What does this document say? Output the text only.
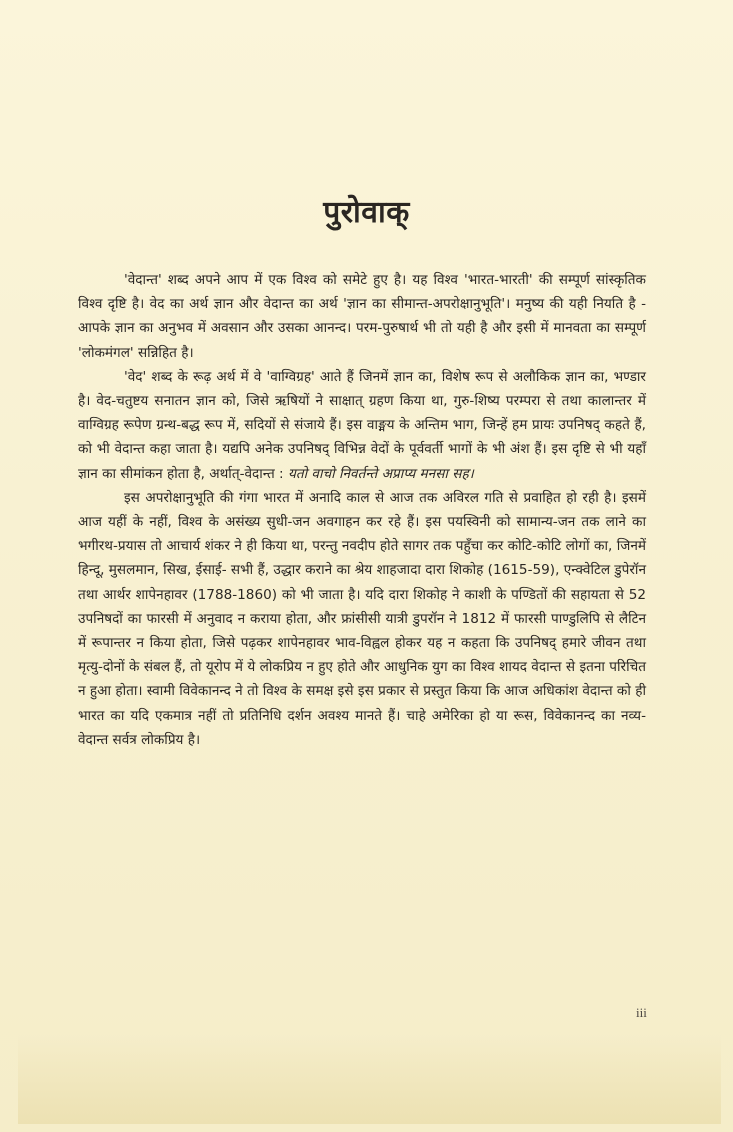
पुरोवाक्

'वेदान्त' शब्द अपने आप में एक विश्व को समेटे हुए है। यह विश्व 'भारत-भारती' की सम्पूर्ण सांस्कृतिक विश्व दृष्टि है। वेद का अर्थ ज्ञान और वेदान्त का अर्थ 'ज्ञान का सीमान्त-अपरोक्षानुभूति'। मनुष्य की यही नियति है - आपके ज्ञान का अनुभव में अवसान और उसका आनन्द। परम-पुरुषार्थ भी तो यही है और इसी में मानवता का सम्पूर्ण 'लोकमंगल' सन्निहित है।

'वेद' शब्द के रूढ़ अर्थ में वे 'वाग्विग्रह' आते हैं जिनमें ज्ञान का, विशेष रूप से अलौकिक ज्ञान का, भण्डार है। वेद-चतुष्टय सनातन ज्ञान को, जिसे ऋषियों ने साक्षात् ग्रहण किया था, गुरु-शिष्य परम्परा से तथा कालान्तर में वाग्विग्रह रूपेण ग्रन्थ-बद्ध रूप में, सदियों से संजाये हैं। इस वाङ्मय के अन्तिम भाग, जिन्हें हम प्रायः उपनिषद् कहते हैं, को भी वेदान्त कहा जाता है। यद्यपि अनेक उपनिषद् विभिन्न वेदों के पूर्ववर्ती भागों के भी अंश हैं। इस दृष्टि से भी यहाँ ज्ञान का सीमांकन होता है, अर्थात्-वेदान्त : यतो वाचो निवर्तन्ते अप्राप्य मनसा सह।

इस अपरोक्षानुभूति की गंगा भारत में अनादि काल से आज तक अविरल गति से प्रवाहित हो रही है। इसमें आज यहीं के नहीं, विश्व के असंख्य सुधी-जन अवगाहन कर रहे हैं। इस पयस्विनी को सामान्य-जन तक लाने का भगीरथ-प्रयास तो आचार्य शंकर ने ही किया था, परन्तु नवदीप होते सागर तक पहुँचा कर कोटि-कोटि लोगों का, जिनमें हिन्दू, मुसलमान, सिख, ईसाई- सभी हैं, उद्धार कराने का श्रेय शाहजादा दारा शिकोह (1615-59), एन्क्वेटिल डुपेरॉन तथा आर्थर शापेनहावर (1788-1860) को भी जाता है। यदि दारा शिकोह ने काशी के पण्डितों की सहायता से 52 उपनिषदों का फारसी में अनुवाद न कराया होता, और फ्रांसीसी यात्री डुपरॉन ने 1812 में फारसी पाण्डुलिपि से लैटिन में रूपान्तर न किया होता, जिसे पढ़कर शापेनहावर भाव-विह्वल होकर यह न कहता कि उपनिषद् हमारे जीवन तथा मृत्यु-दोनों के संबल हैं, तो यूरोप में ये लोकप्रिय न हुए होते और आधुनिक युग का विश्व शायद वेदान्त से इतना परिचित न हुआ होता। स्वामी विवेकानन्द ने तो विश्व के समक्ष इसे इस प्रकार से प्रस्तुत किया कि आज अधिकांश वेदान्त को ही भारत का यदि एकमात्र नहीं तो प्रतिनिधि दर्शन अवश्य मानते हैं। चाहे अमेरिका हो या रूस, विवेकानन्द का नव्य-वेदान्त सर्वत्र लोकप्रिय है।

iii
